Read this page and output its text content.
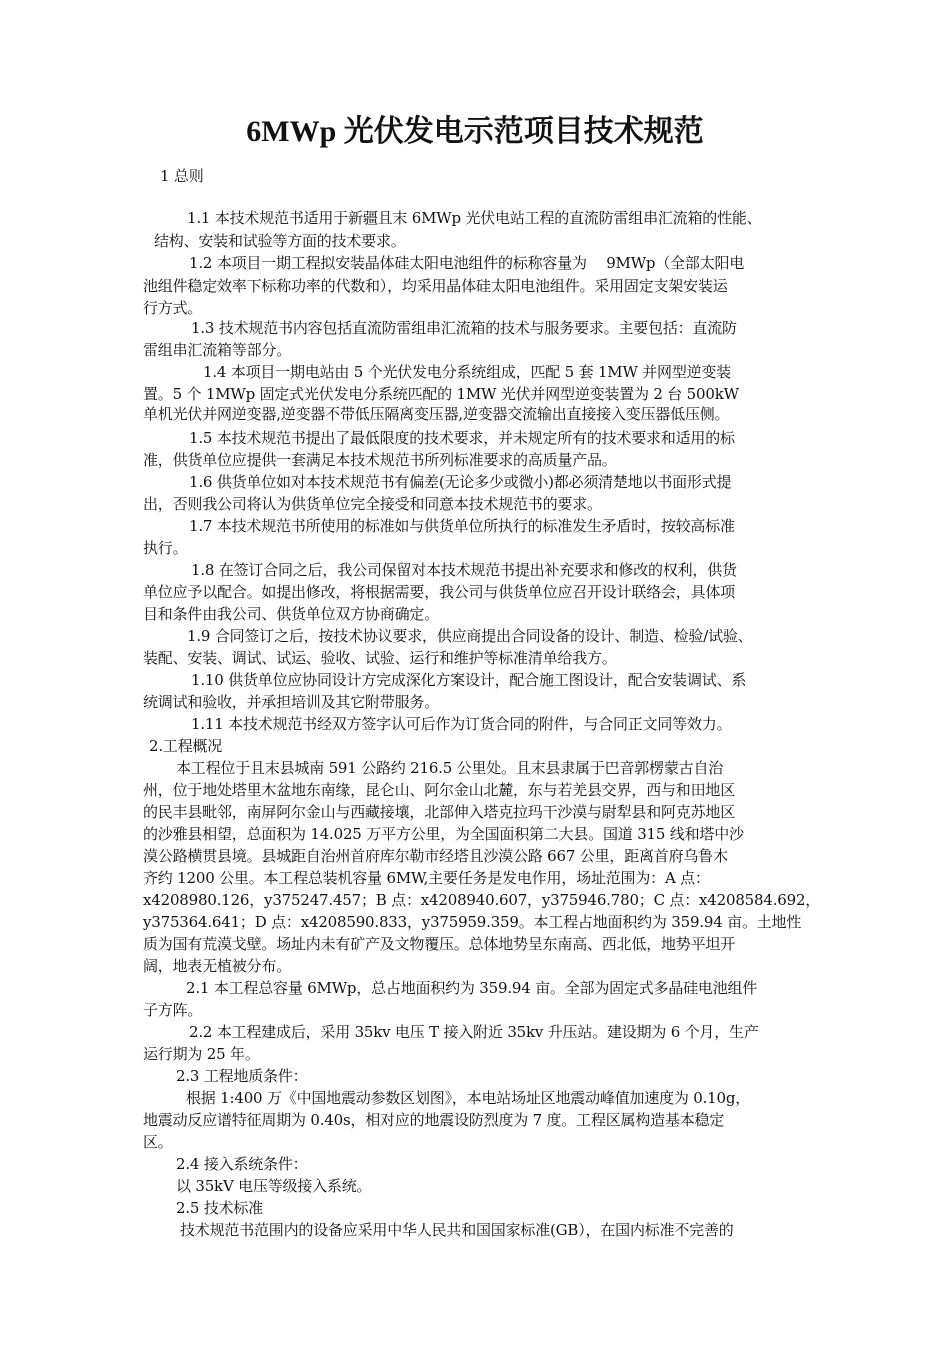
6MWp 光伏发电示范项目技术规范
1 总则
1.1 本技术规范书适用于新疆且末 6MWp 光伏电站工程的直流防雷组串汇流箱的性能、
结构、安装和试验等方面的技术要求。
1.2 本项目一期工程拟安装晶体硅太阳电池组件的标称容量为　 9MWp（全部太阳电
池组件稳定效率下标称功率的代数和），均采用晶体硅太阳电池组件。采用固定支架安装运
行方式。
1.3 技术规范书内容包括直流防雷组串汇流箱的技术与服务要求。主要包括：直流防
雷组串汇流箱等部分。
1.4 本项目一期电站由 5 个光伏发电分系统组成，匹配 5 套 1MW 并网型逆变装
置。5 个 1MWp 固定式光伏发电分系统匹配的 1MW 光伏并网型逆变装置为 2 台 500kW
单机光伏并网逆变器,逆变器不带低压隔离变压器,逆变器交流输出直接接入变压器低压侧。
1.5 本技术规范书提出了最低限度的技术要求，并未规定所有的技术要求和适用的标
准，供货单位应提供一套满足本技术规范书所列标准要求的高质量产品。
1.6 供货单位如对本技术规范书有偏差(无论多少或微小)都必须清楚地以书面形式提
出，否则我公司将认为供货单位完全接受和同意本技术规范书的要求。
1.7 本技术规范书所使用的标准如与供货单位所执行的标准发生矛盾时，按较高标准
执行。
1.8 在签订合同之后，我公司保留对本技术规范书提出补充要求和修改的权利，供货
单位应予以配合。如提出修改，将根据需要，我公司与供货单位应召开设计联络会，具体项
目和条件由我公司、供货单位双方协商确定。
1.9 合同签订之后，按技术协议要求，供应商提出合同设备的设计、制造、检验/试验、
装配、安装、调试、试运、验收、试验、运行和维护等标准清单给我方。
1.10 供货单位应协同设计方完成深化方案设计，配合施工图设计，配合安装调试、系
统调试和验收，并承担培训及其它附带服务。
1.11 本技术规范书经双方签字认可后作为订货合同的附件，与合同正文同等效力。
2.工程概况
本工程位于且末县城南 591 公路约 216.5 公里处。且末县隶属于巴音郭楞蒙古自治
州，位于地处塔里木盆地东南缘，昆仑山、阿尔金山北麓，东与若羌县交界，西与和田地区
的民丰县毗邻，南屏阿尔金山与西藏接壤，北部伸入塔克拉玛干沙漠与尉犁县和阿克苏地区
的沙雅县相望，总面积为 14.025 万平方公里，为全国面积第二大县。国道 315 线和塔中沙
漠公路横贯县境。县城距自治州首府库尔勒市经塔且沙漠公路 667 公里，距离首府乌鲁木
齐约 1200 公里。本工程总装机容量 6MW,主要任务是发电作用，场址范围为：A 点：
x4208980.126，y375247.457；B 点：x4208940.607，y375946.780；C 点：x4208584.692，
y375364.641；D 点：x4208590.833，y375959.359。本工程占地面积约为 359.94 亩。土地性
质为国有荒漠戈壁。场址内未有矿产及文物覆压。总体地势呈东南高、西北低，地势平坦开
阔，地表无植被分布。
2.1 本工程总容量 6MWp，总占地面积约为 359.94 亩。全部为固定式多晶硅电池组件
子方阵。
2.2 本工程建成后，采用 35kv 电压 T 接入附近 35kv 升压站。建设期为 6 个月，生产
运行期为 25 年。
2.3 工程地质条件：
根据 1:400 万《中国地震动参数区划图》，本电站场址区地震动峰值加速度为 0.10g，
地震动反应谱特征周期为 0.40s，相对应的地震设防烈度为 7 度。工程区属构造基本稳定
区。
2.4 接入系统条件：
以 35kV 电压等级接入系统。
2.5 技术标准
技术规范书范围内的设备应采用中华人民共和国国家标准(GB），在国内标准不完善的
